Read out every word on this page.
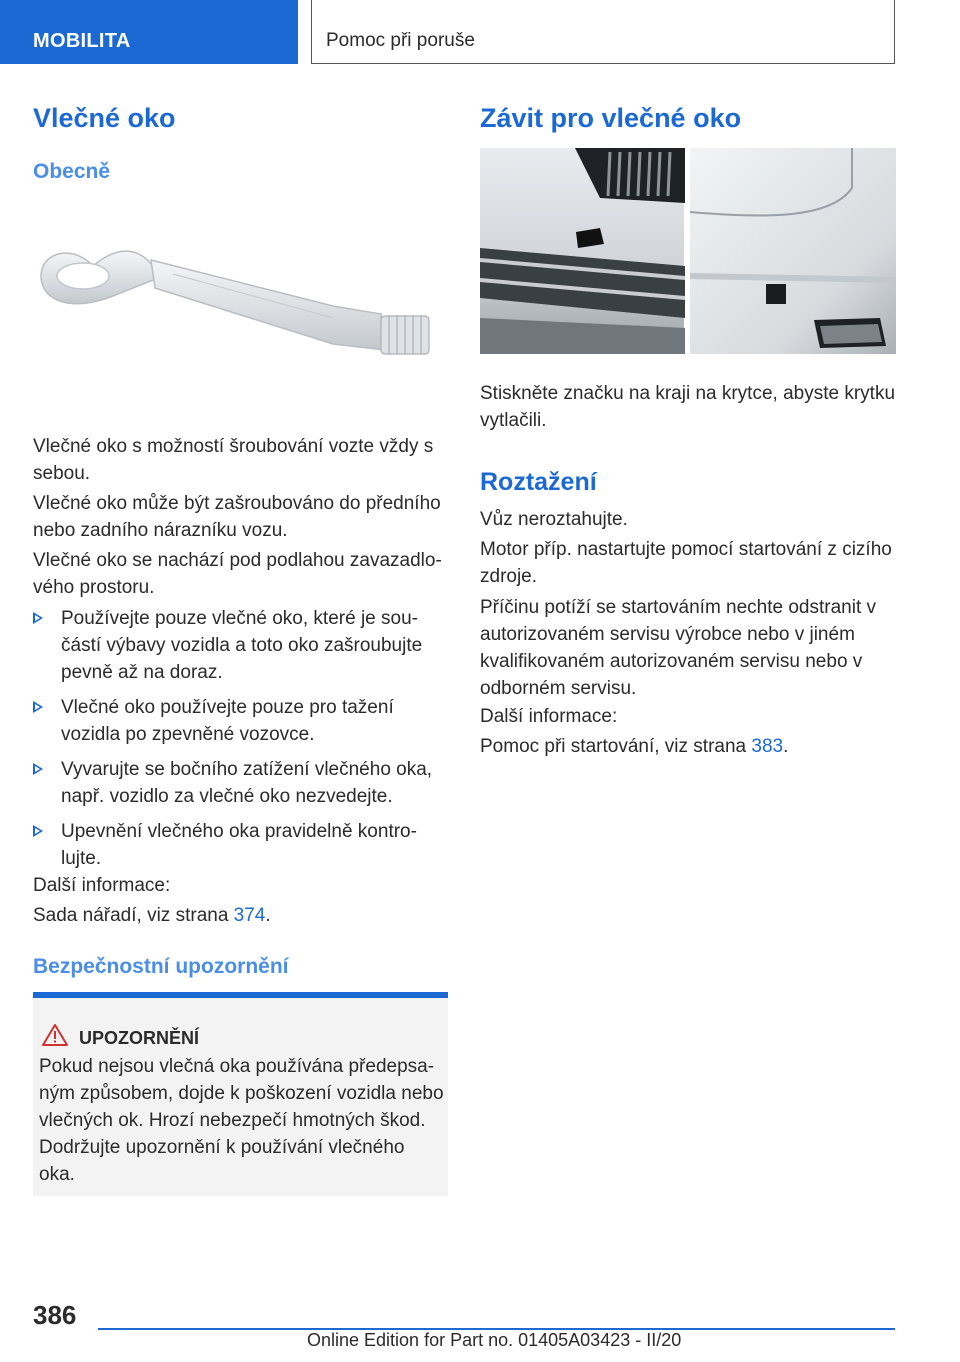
MOBILITA	Pomoc při poruše
Vlečné oko
Obecně

Vlečné oko s možností šroubování vozte vždy s sebou.

Vlečné oko může být zašroubováno do předního nebo zadního nárazníku vozu.

Vlečné oko se nachází pod podlahou zavazadlového prostoru.

Používejte pouze vlečné oko, které je součástí výbavy vozidla a toto oko zašroubujte pevně až na doraz.
Vlečné oko používejte pouze pro tažení vozidla po zpevněné vozovce.
Vyvarujte se bočního zatížení vlečného oka, např. vozidlo za vlečné oko nezvedejte.
Upevnění vlečného oka pravidelně kontrolujte.

Další informace:

Sada nářadí, viz strana 374.

Bezpečnostní upozornění
UPOZORNĚNÍ
Pokud nejsou vlečná oka používána předepsaným způsobem, dojde k poškození vozidla nebo vlečných ok. Hrozí nebezpečí hmotných škod. Dodržujte upozornění k používání vlečného oka.
Závit pro vlečné oko

Stiskněte značku na kraji na krytce, abyste krytku vytlačili.

Roztažení

Vůz neroztahujte.

Motor příp. nastartujte pomocí startování z cizího zdroje.

Příčinu potíží se startováním nechte odstranit v autorizovaném servisu výrobce nebo v jiném kvalifikovaném autorizovaném servisu nebo v odborném servisu.

Další informace:

Pomoc při startování, viz strana 383.

386
Online Edition for Part no. 01405A03423 - II/20
